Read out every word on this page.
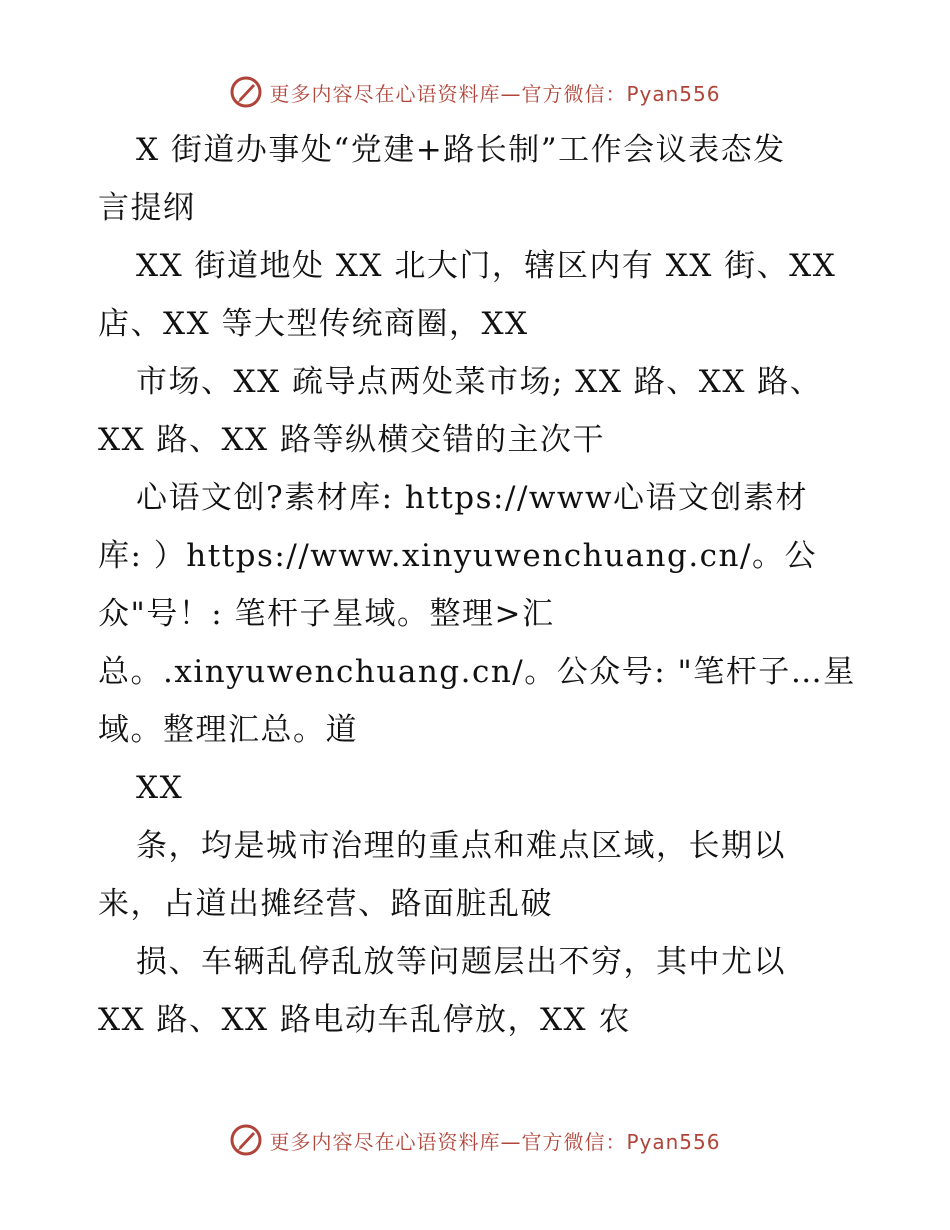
更多内容尽在心语资料库—官方微信：Pyan556
X 街道办事处“党建+路长制”工作会议表态发
言提纲
XX 街道地处 XX 北大门，辖区内有 XX 街、XX
店、XX 等大型传统商圈，XX
市场、XX 疏导点两处菜市场; XX 路、XX 路、
XX 路、XX 路等纵横交错的主次干
心语文创?素材库: https://www心语文创素材
库: ）https://www.xinyuwenchuang.cn/。公
众"号！: 笔杆子星域。整理>汇
总。.xinyuwenchuang.cn/。公众号: "笔杆子…星
域。整理汇总。道
XX
条，均是城市治理的重点和难点区域，长期以
来，占道出摊经营、路面脏乱破
损、车辆乱停乱放等问题层出不穷，其中尤以
XX 路、XX 路电动车乱停放，XX 农
更多内容尽在心语资料库—官方微信：Pyan556
